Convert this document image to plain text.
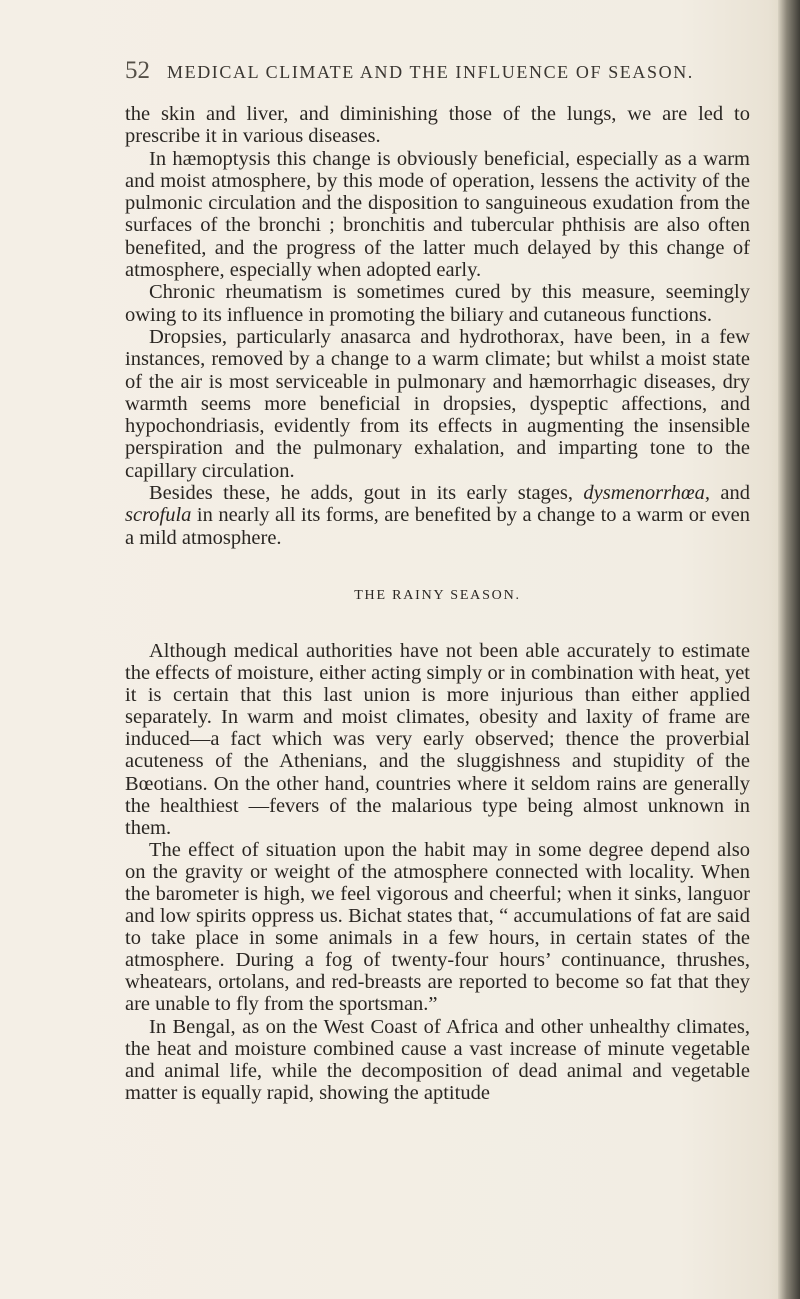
52 MEDICAL CLIMATE AND THE INFLUENCE OF SEASON.

the skin and liver, and diminishing those of the lungs, we are led to prescribe it in various diseases.

In hæmoptysis this change is obviously beneficial, especially as a warm and moist atmosphere, by this mode of operation, lessens the activity of the pulmonic circulation and the disposition to sanguineous exudation from the surfaces of the bronchi ; bronchitis and tubercular phthisis are also often benefited, and the progress of the latter much delayed by this change of atmosphere, especially when adopted early.

Chronic rheumatism is sometimes cured by this measure, seemingly owing to its influence in promoting the biliary and cutaneous functions.

Dropsies, particularly anasarca and hydrothorax, have been, in a few instances, removed by a change to a warm climate; but whilst a moist state of the air is most serviceable in pulmonary and hæmorrhagic diseases, dry warmth seems more beneficial in dropsies, dyspeptic affections, and hypochondriasis, evidently from its effects in augmenting the insensible perspiration and the pulmonary exhalation, and imparting tone to the capillary circulation.

Besides these, he adds, gout in its early stages, dysmenorrhœa, and scrofula in nearly all its forms, are benefited by a change to a warm or even a mild atmosphere.

THE RAINY SEASON.

Although medical authorities have not been able accurately to estimate the effects of moisture, either acting simply or in combination with heat, yet it is certain that this last union is more injurious than either applied separately. In warm and moist climates, obesity and laxity of frame are induced—a fact which was very early observed; thence the proverbial acuteness of the Athenians, and the sluggishness and stupidity of the Bœotians. On the other hand, countries where it seldom rains are generally the healthiest —fevers of the malarious type being almost unknown in them.

The effect of situation upon the habit may in some degree depend also on the gravity or weight of the atmosphere connected with locality. When the barometer is high, we feel vigorous and cheerful; when it sinks, languor and low spirits oppress us. Bichat states that, “ accumulations of fat are said to take place in some animals in a few hours, in certain states of the atmosphere. During a fog of twenty-four hours’ continuance, thrushes, wheatears, ortolans, and red-breasts are reported to become so fat that they are unable to fly from the sportsman.”

In Bengal, as on the West Coast of Africa and other unhealthy climates, the heat and moisture combined cause a vast increase of minute vegetable and animal life, while the decomposition of dead animal and vegetable matter is equally rapid, showing the aptitude
